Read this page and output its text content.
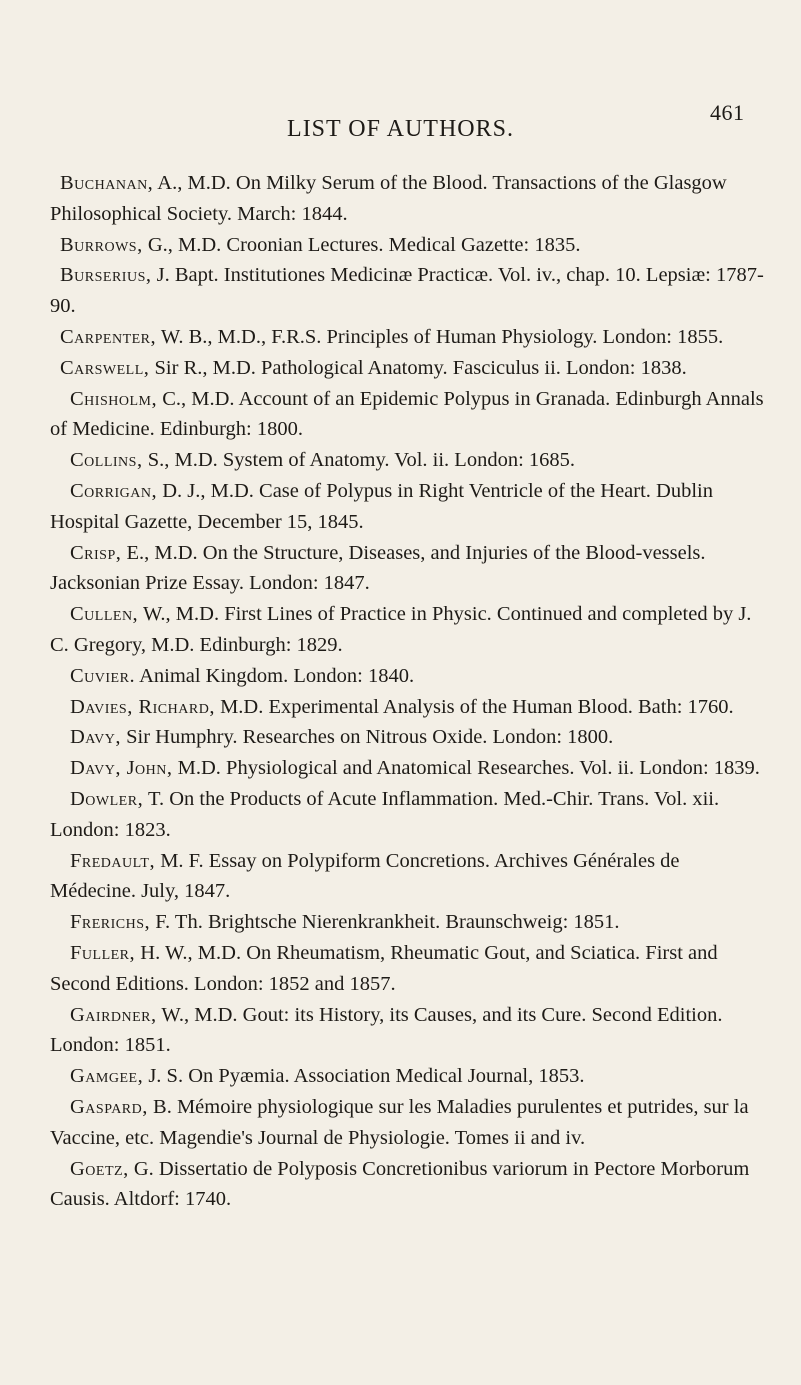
461
LIST OF AUTHORS.

Buchanan, A., M.D. On Milky Serum of the Blood. Transactions of the Glasgow Philosophical Society. March: 1844.

Burrows, G., M.D. Croonian Lectures. Medical Gazette: 1835.

Burserius, J. Bapt. Institutiones Medicinæ Practicæ. Vol. iv., chap. 10. Lepsiæ: 1787-90.

Carpenter, W. B., M.D., F.R.S. Principles of Human Physiology. London: 1855.

Carswell, Sir R., M.D. Pathological Anatomy. Fasciculus ii. London: 1838.

Chisholm, C., M.D. Account of an Epidemic Polypus in Granada. Edinburgh Annals of Medicine. Edinburgh: 1800.

Collins, S., M.D. System of Anatomy. Vol. ii. London: 1685.

Corrigan, D. J., M.D. Case of Polypus in Right Ventricle of the Heart. Dublin Hospital Gazette, December 15, 1845.

Crisp, E., M.D. On the Structure, Diseases, and Injuries of the Blood-vessels. Jacksonian Prize Essay. London: 1847.

Cullen, W., M.D. First Lines of Practice in Physic. Continued and completed by J. C. Gregory, M.D. Edinburgh: 1829.

Cuvier. Animal Kingdom. London: 1840.

Davies, Richard, M.D. Experimental Analysis of the Human Blood. Bath: 1760.

Davy, Sir Humphry. Researches on Nitrous Oxide. London: 1800.

Davy, John, M.D. Physiological and Anatomical Researches. Vol. ii. London: 1839.

Dowler, T. On the Products of Acute Inflammation. Med.-Chir. Trans. Vol. xii. London: 1823.

Fredault, M. F. Essay on Polypiform Concretions. Archives Générales de Médecine. July, 1847.

Frerichs, F. Th. Brightsche Nierenkrankheit. Braunschweig: 1851.

Fuller, H. W., M.D. On Rheumatism, Rheumatic Gout, and Sciatica. First and Second Editions. London: 1852 and 1857.

Gairdner, W., M.D. Gout: its History, its Causes, and its Cure. Second Edition. London: 1851.

Gamgee, J. S. On Pyæmia. Association Medical Journal, 1853.

Gaspard, B. Mémoire physiologique sur les Maladies purulentes et putrides, sur la Vaccine, etc. Magendie's Journal de Physiologie. Tomes ii and iv.

Goetz, G. Dissertatio de Polyposis Concretionibus variorum in Pectore Morborum Causis. Altdorf: 1740.
